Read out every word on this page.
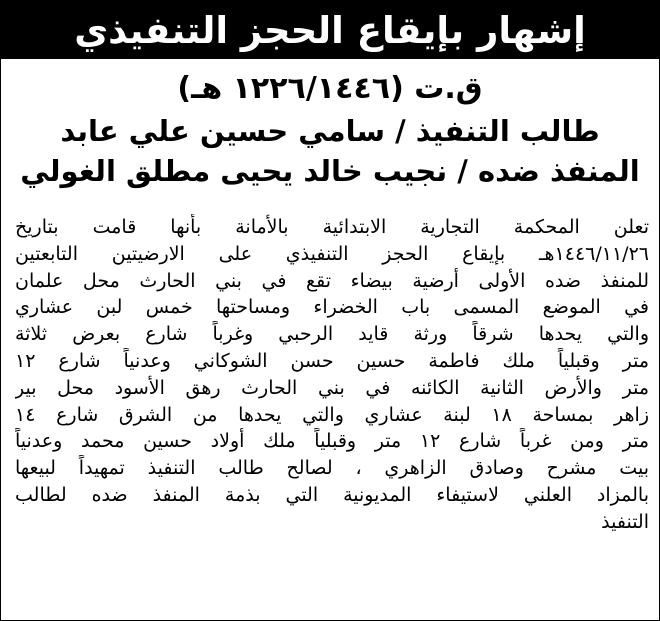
إشهار بإيقاع الحجز التنفيذي
ق.ت (١٢٢٦/١٤٤٦ هـ)
طالب التنفيذ / سامي حسين علي عابد
المنفذ ضده / نجيب خالد يحيى مطلق الغولي
تعلن المحكمة التجارية الابتدائية بالأمانة بأنها قامت بتاريخ
١٤٤٦/١١/٢٦هـ بإيقاع الحجز التنفيذي على الارضيتين التابعتين
للمنفذ ضده الأولى أرضية بيضاء تقع في بني الحارث محل علمان
في الموضع المسمى باب الخضراء ومساحتها خمس لبن عشاري
والتي يحدها شرقاً ورثة قايد الرحبي وغرباً شارع بعرض ثلاثة
متر وقبلياً ملك فاطمة حسين حسن الشوكاني وعدنياً شارع ١٢
متر والأرض الثانية الكائنه في بني الحارث رهق الأسود محل بير
زاهر بمساحة ١٨ لبنة عشاري والتي يحدها من الشرق شارع ١٤
متر ومن غرباً شارع ١٢ متر وقبلياً ملك أولاد حسين محمد وعدنياً
بيت مشرح وصادق الزاهري ، لصالح طالب التنفيذ تمهيداً لبيعها
بالمزاد العلني لاستيفاء المديونية التي بذمة المنفذ ضده لطالب
التنفيذ
